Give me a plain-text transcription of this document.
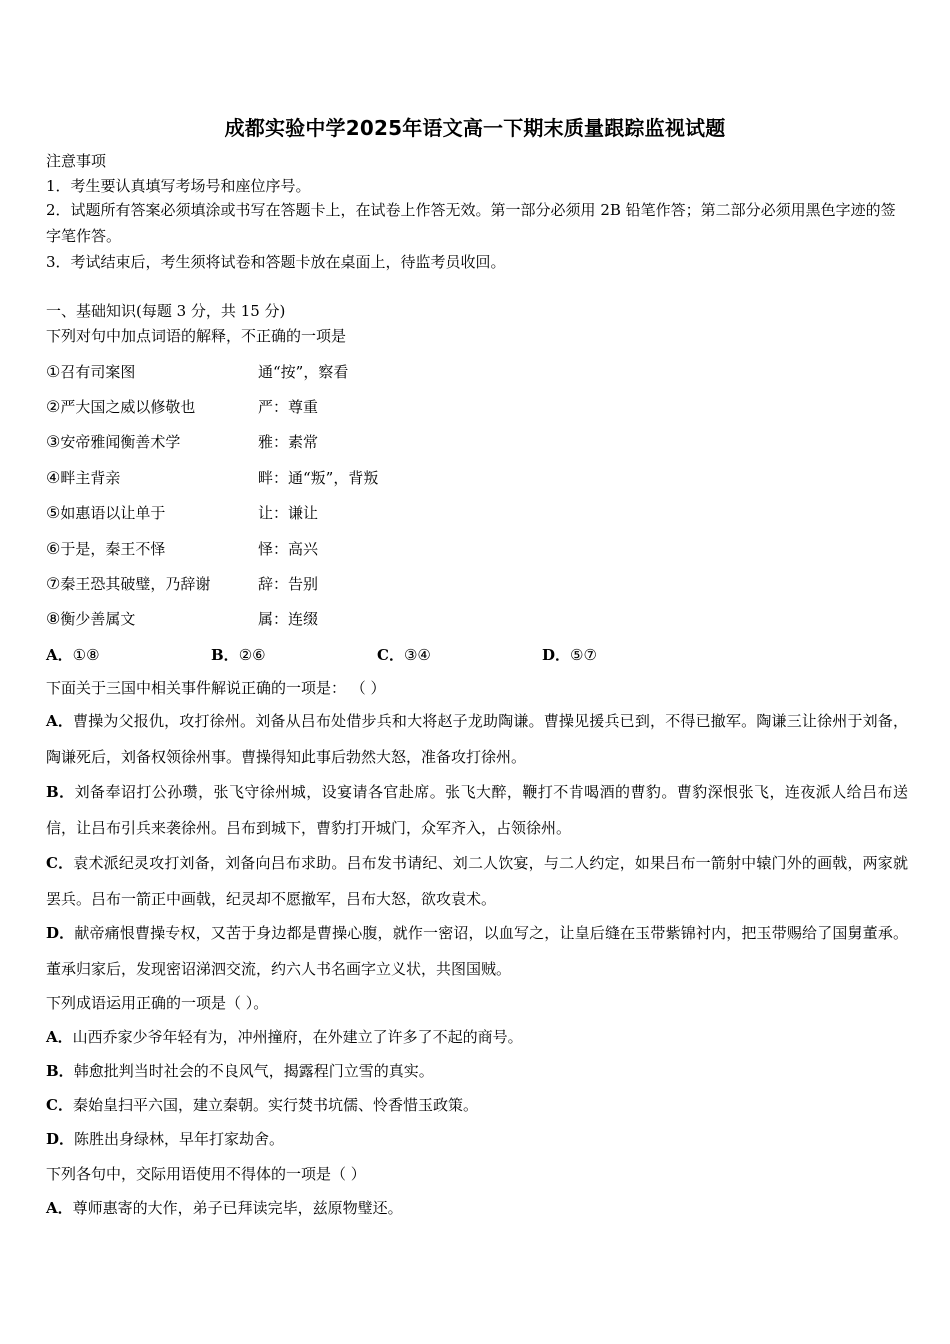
成都实验中学2025年语文高一下期末质量跟踪监视试题
注意事项
1．考生要认真填写考场号和座位序号。
2．试题所有答案必须填涂或书写在答题卡上，在试卷上作答无效。第一部分必须用 2B 铅笔作答；第二部分必须用黑色字迹的签字笔作答。
3．考试结束后，考生须将试卷和答题卡放在桌面上，待监考员收回。
一、基础知识(每题 3 分，共 15 分)
下列对句中加点词语的解释，不正确的一项是
①召有司案图	通“按”，察看
②严大国之威以修敬也	严：尊重
③安帝雅闻衡善术学	雅：素常
④畔主背亲	畔：通“叛”，背叛
⑤如惠语以让单于	让：谦让
⑥于是，秦王不怿	怿：高兴
⑦秦王恐其破璧，乃辞谢	辞：告别
⑧衡少善属文	属：连缀
A．①⑧	B．②⑥	C．③④	D．⑤⑦
下面关于三国中相关事件解说正确的一项是： （ ）
A．曹操为父报仇，攻打徐州。刘备从吕布处借步兵和大将赵子龙助陶谦。曹操见援兵已到，不得已撤军。陶谦三让徐州于刘备，陶谦死后，刘备权领徐州事。曹操得知此事后勃然大怒，准备攻打徐州。
B．刘备奉诏打公孙瓒，张飞守徐州城，设宴请各官赴席。张飞大醉，鞭打不肯喝酒的曹豹。曹豹深恨张飞，连夜派人给吕布送信，让吕布引兵来袭徐州。吕布到城下，曹豹打开城门，众军齐入，占领徐州。
C．袁术派纪灵攻打刘备，刘备向吕布求助。吕布发书请纪、刘二人饮宴，与二人约定，如果吕布一箭射中辕门外的画戟，两家就罢兵。吕布一箭正中画戟，纪灵却不愿撤军，吕布大怒，欲攻袁术。
D．献帝痛恨曹操专权，又苦于身边都是曹操心腹，就作一密诏，以血写之，让皇后缝在玉带紫锦衬内，把玉带赐给了国舅董承。董承归家后，发现密诏涕泗交流，约六人书名画字立义状，共图国贼。
下列成语运用正确的一项是（ ）。
A．山西乔家少爷年轻有为，冲州撞府，在外建立了许多了不起的商号。
B．韩愈批判当时社会的不良风气，揭露程门立雪的真实。
C．秦始皇扫平六国，建立秦朝。实行焚书坑儒、怜香惜玉政策。
D．陈胜出身绿林，早年打家劫舍。
下列各句中，交际用语使用不得体的一项是（ ）
A．尊师惠寄的大作，弟子已拜读完毕，兹原物璧还。
